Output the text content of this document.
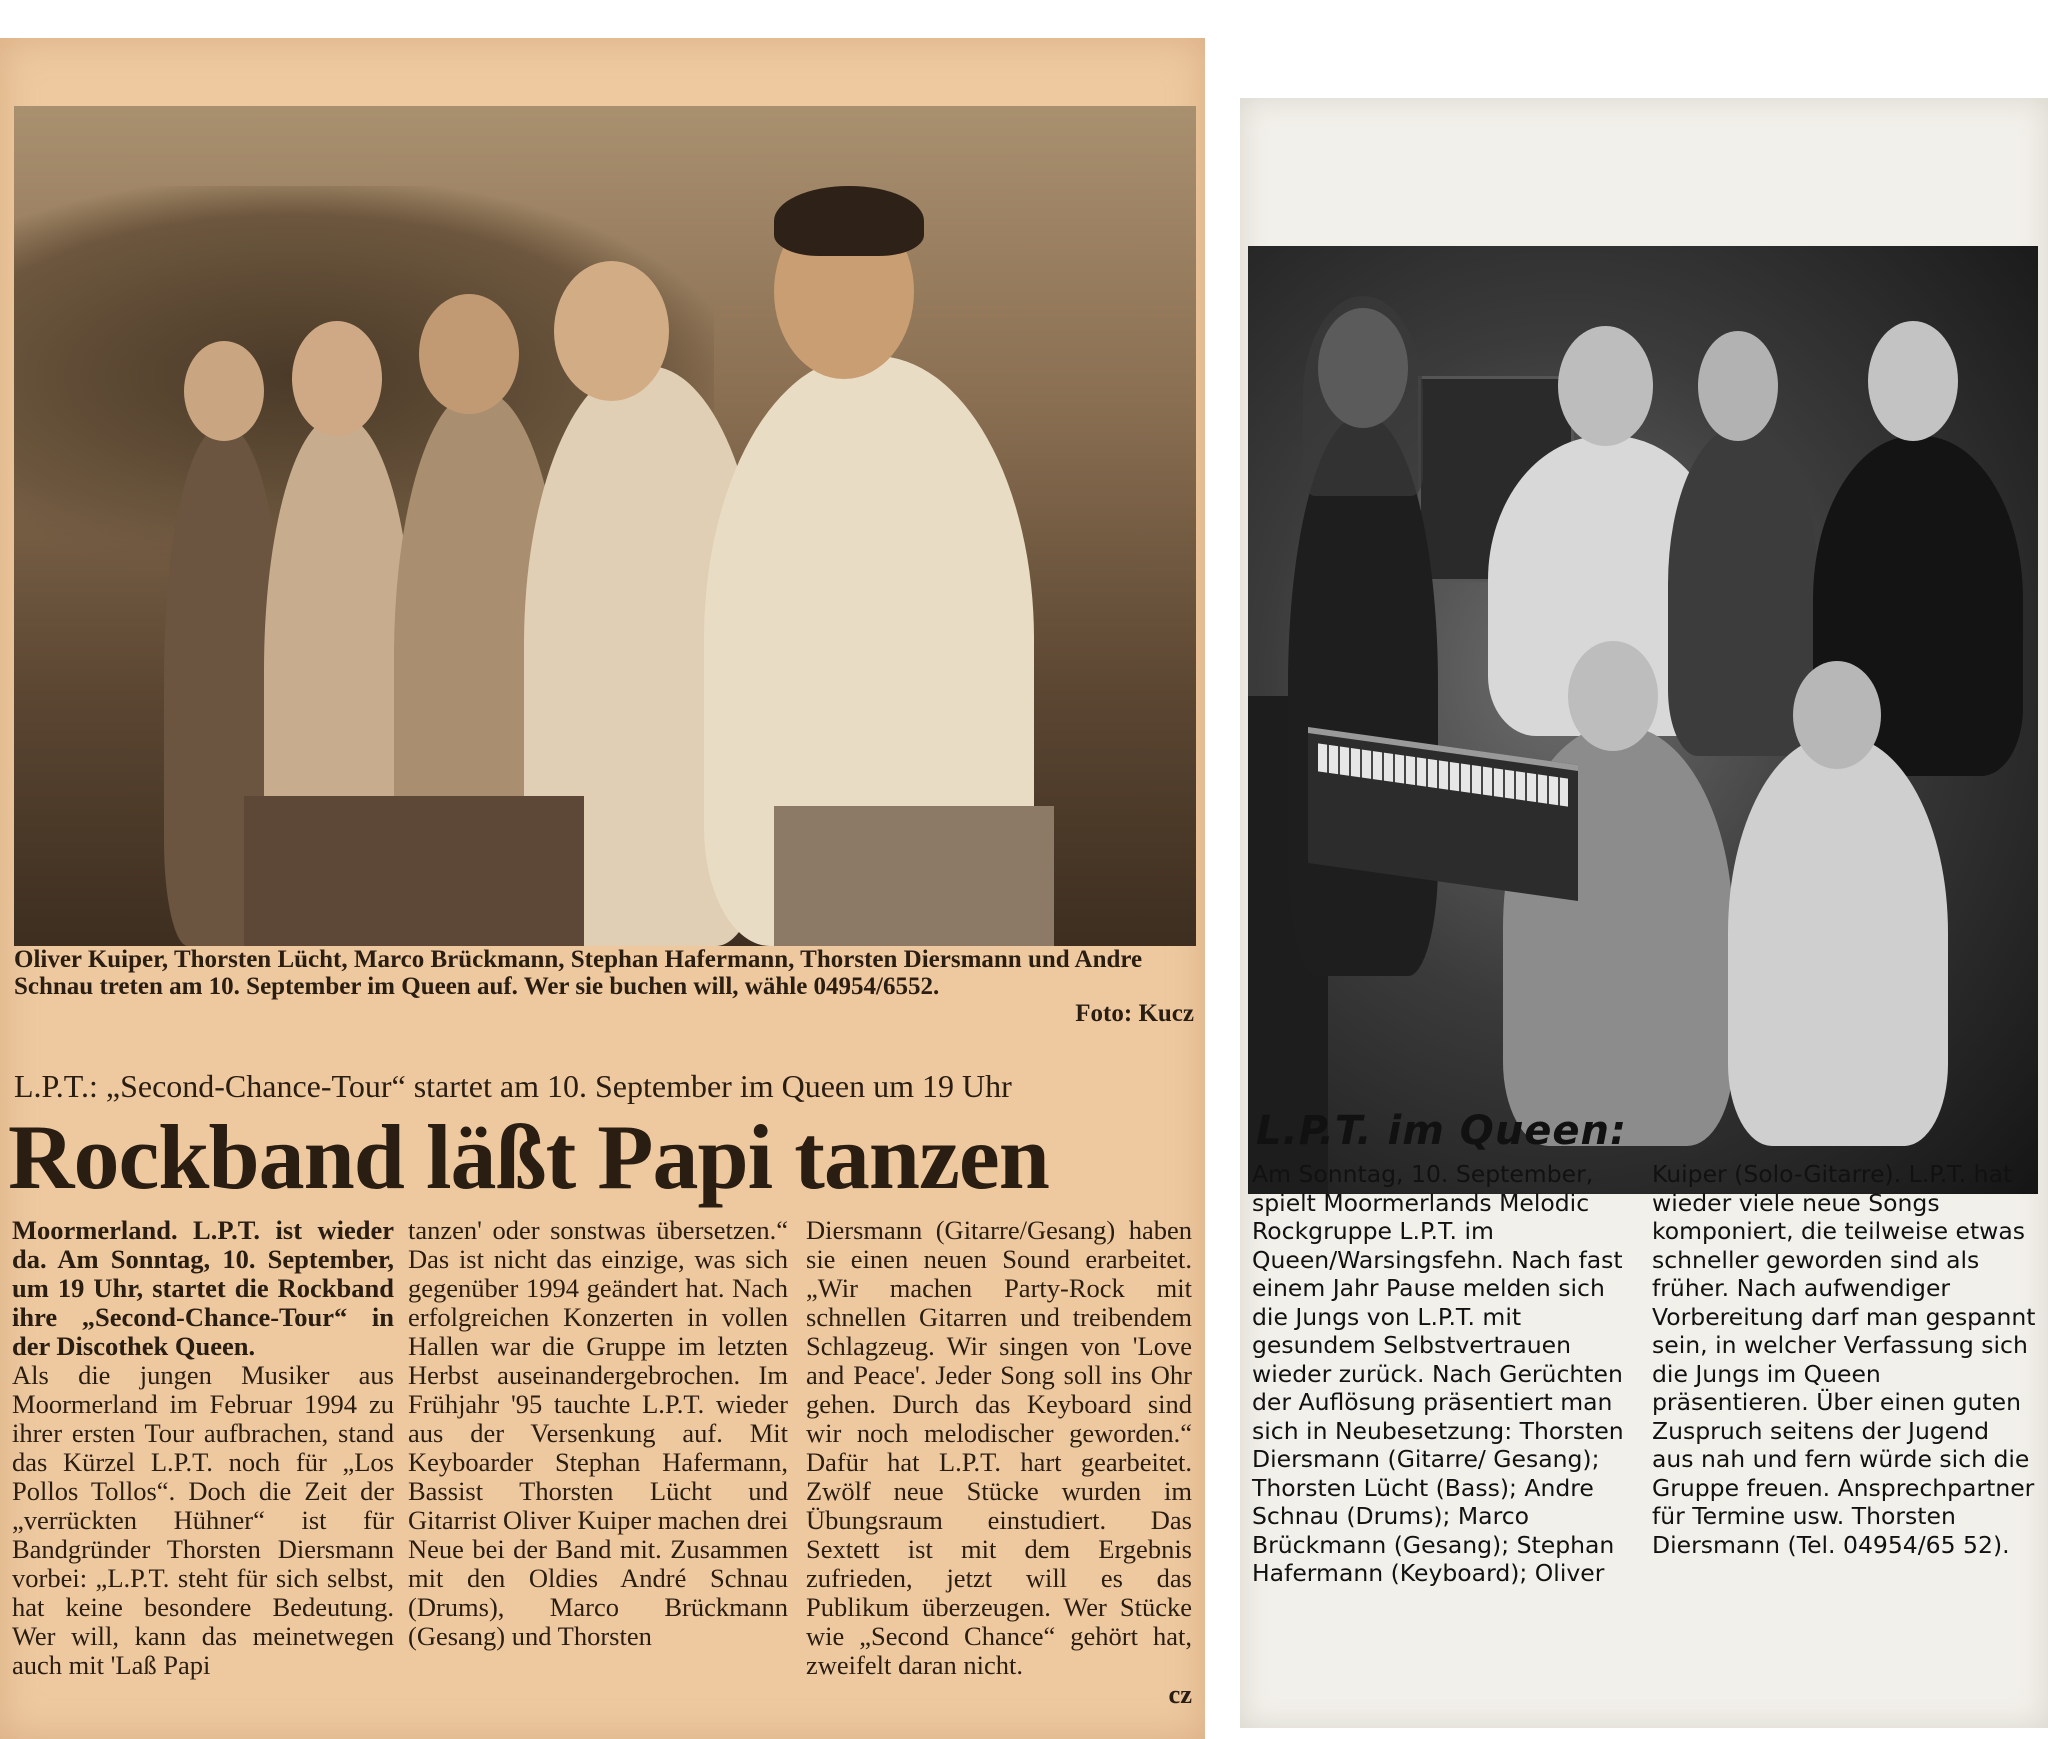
Oliver Kuiper, Thorsten Lücht, Marco Brückmann, Stephan Hafermann, Thorsten Diersmann und Andre Schnau treten am 10. September im Queen auf. Wer sie buchen will, wähle 04954/6552.
Foto: Kucz
L.P.T.: „Second-Chance-Tour“ startet am 10. September im Queen um 19 Uhr
Rockband läßt Papi tanzen

Moormerland. L.P.T. ist wieder da. Am Sonntag, 10. September, um 19 Uhr, startet die Rockband ihre „Second-Chance-Tour“ in der Discothek Queen.

Als die jungen Musiker aus Moormerland im Februar 1994 zu ihrer ersten Tour aufbrachen, stand das Kürzel L.P.T. noch für „Los Pollos Tollos“. Doch die Zeit der „verrückten Hühner“ ist für Bandgründer Thorsten Diersmann vorbei: „L.P.T. steht für sich selbst, hat keine besondere Bedeutung. Wer will, kann das meinetwegen auch mit 'Laß Papi

tanzen' oder sonstwas übersetzen.“ Das ist nicht das einzige, was sich gegenüber 1994 geändert hat. Nach erfolgreichen Konzerten in vollen Hallen war die Gruppe im letzten Herbst auseinandergebrochen. Im Frühjahr '95 tauchte L.P.T. wieder aus der Versenkung auf. Mit Keyboarder Stephan Hafermann, Bassist Thorsten Lücht und Gitarrist Oliver Kuiper machen drei Neue bei der Band mit. Zusammen mit den Oldies André Schnau (Drums), Marco Brückmann (Gesang) und Thorsten

Diersmann (Gitarre/Gesang) haben sie einen neuen Sound erarbeitet. „Wir machen Party-Rock mit schnellen Gitarren und treibendem Schlagzeug. Wir singen von 'Love and Peace'. Jeder Song soll ins Ohr gehen. Durch das Keyboard sind wir noch melodischer geworden.“ Dafür hat L.P.T. hart gearbeitet. Zwölf neue Stücke wurden im Übungsraum einstudiert. Das Sextett ist mit dem Ergebnis zufrieden, jetzt will es das Publikum überzeugen. Wer Stücke wie „Second Chance“ gehört hat, zweifelt daran nicht.

cz

L.P.T. im Queen:
Am Sonntag, 10. September, spielt Moormerlands Melodic Rockgruppe L.P.T. im Queen/Warsingsfehn. Nach fast einem Jahr Pause melden sich die Jungs von L.P.T. mit gesundem Selbstvertrauen wieder zurück. Nach Gerüchten der Auflösung präsentiert man sich in Neubesetzung: Thorsten Diersmann (Gitarre/ Gesang); Thorsten Lücht (Bass); Andre Schnau (Drums); Marco Brückmann (Gesang); Stephan Hafermann (Keyboard); Oliver
Kuiper (Solo-Gitarre). L.P.T. hat wieder viele neue Songs komponiert, die teilweise etwas schneller geworden sind als früher. Nach aufwendiger Vorbereitung darf man gespannt sein, in welcher Verfassung sich die Jungs im Queen präsentieren. Über einen guten Zuspruch seitens der Jugend aus nah und fern würde sich die Gruppe freuen. Ansprechpartner für Termine usw. Thorsten Diersmann (Tel. 04954/65 52).
